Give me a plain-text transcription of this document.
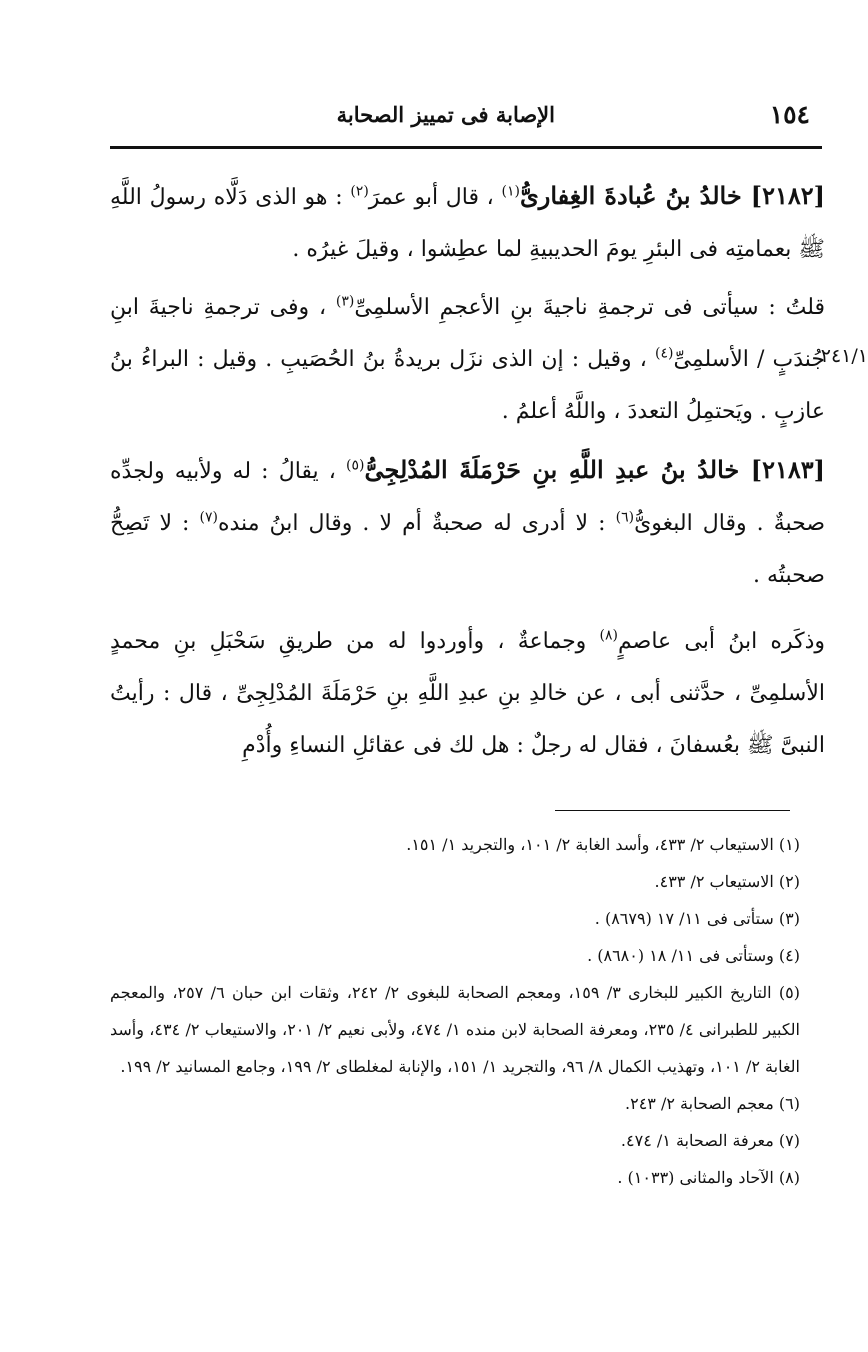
١٥٤
الإصابة فى تمييز الصحابة
٢٤١/١

[٢١٨٢] خالدُ بنُ عُبادةَ الغِفارىُّ$^{(١)}$ ، قال أبو عمرَ$^{(٢)}$ : هو الذى دَلَّاه رسولُ اللَّهِ ﷺ بعمامتِه فى البئرِ يومَ الحديبيةِ لما عطِشوا ، وقيلَ غيرُه .

قلتُ : سيأتى فى ترجمةِ ناجيةَ بنِ الأعجمِ الأسلمِىِّ$^{(٣)}$ ، وفى ترجمةِ ناجيةَ ابنِ جُندَبٍ / الأسلمِىِّ$^{(٤)}$ ، وقيل : إن الذى نزَل بريدةُ بنُ الحُصَيبِ . وقيل : البراءُ بنُ عازبٍ . ويَحتمِلُ التعددَ ، واللَّهُ أعلمُ .

[٢١٨٣] خالدُ بنُ عبدِ اللَّهِ بنِ حَرْمَلَةَ المُدْلِجِىُّ$^{(٥)}$ ، يقالُ : له ولأبيه ولجدِّه صحبةٌ . وقال البغوىُّ$^{(٦)}$ : لا أدرى له صحبةٌ أم لا . وقال ابنُ منده$^{(٧)}$ : لا تَصِحُّ صحبتُه .

وذكَره ابنُ أبى عاصمٍ$^{(٨)}$ وجماعةٌ ، وأوردوا له من طريقِ سَحْبَلِ بنِ محمدٍ الأسلمِىِّ ، حدَّثنى أبى ، عن خالدِ بنِ عبدِ اللَّهِ بنِ حَرْمَلَةَ المُدْلِجِىِّ ، قال : رأيتُ النبىَّ ﷺ بعُسفانَ ، فقال له رجلٌ : هل لك فى عقائلِ النساءِ وأُدْمِ

(١) الاستيعاب ٢/ ٤٣٣، وأسد الغابة ٢/ ١٠١، والتجريد ١/ ١٥١.

(٢) الاستيعاب ٢/ ٤٣٣.

(٣) ستأتى فى ١١/ ١٧ (٨٦٧٩) .

(٤) وستأتى فى ١١/ ١٨ (٨٦٨٠) .

(٥) التاريخ الكبير للبخارى ٣/ ١٥٩، ومعجم الصحابة للبغوى ٢/ ٢٤٢، وثقات ابن حبان ٦/ ٢٥٧، والمعجم الكبير للطبرانى ٤/ ٢٣٥، ومعرفة الصحابة لابن منده ١/ ٤٧٤، ولأبى نعيم ٢/ ٢٠١، والاستيعاب ٢/ ٤٣٤، وأسد الغابة ٢/ ١٠١، وتهذيب الكمال ٨/ ٩٦، والتجريد ١/ ١٥١، والإنابة لمغلطاى ٢/ ١٩٩، وجامع المسانيد ٢/ ١٩٩.

(٦) معجم الصحابة ٢/ ٢٤٣.

(٧) معرفة الصحابة ١/ ٤٧٤.

(٨) الآحاد والمثانى (١٠٣٣) .
